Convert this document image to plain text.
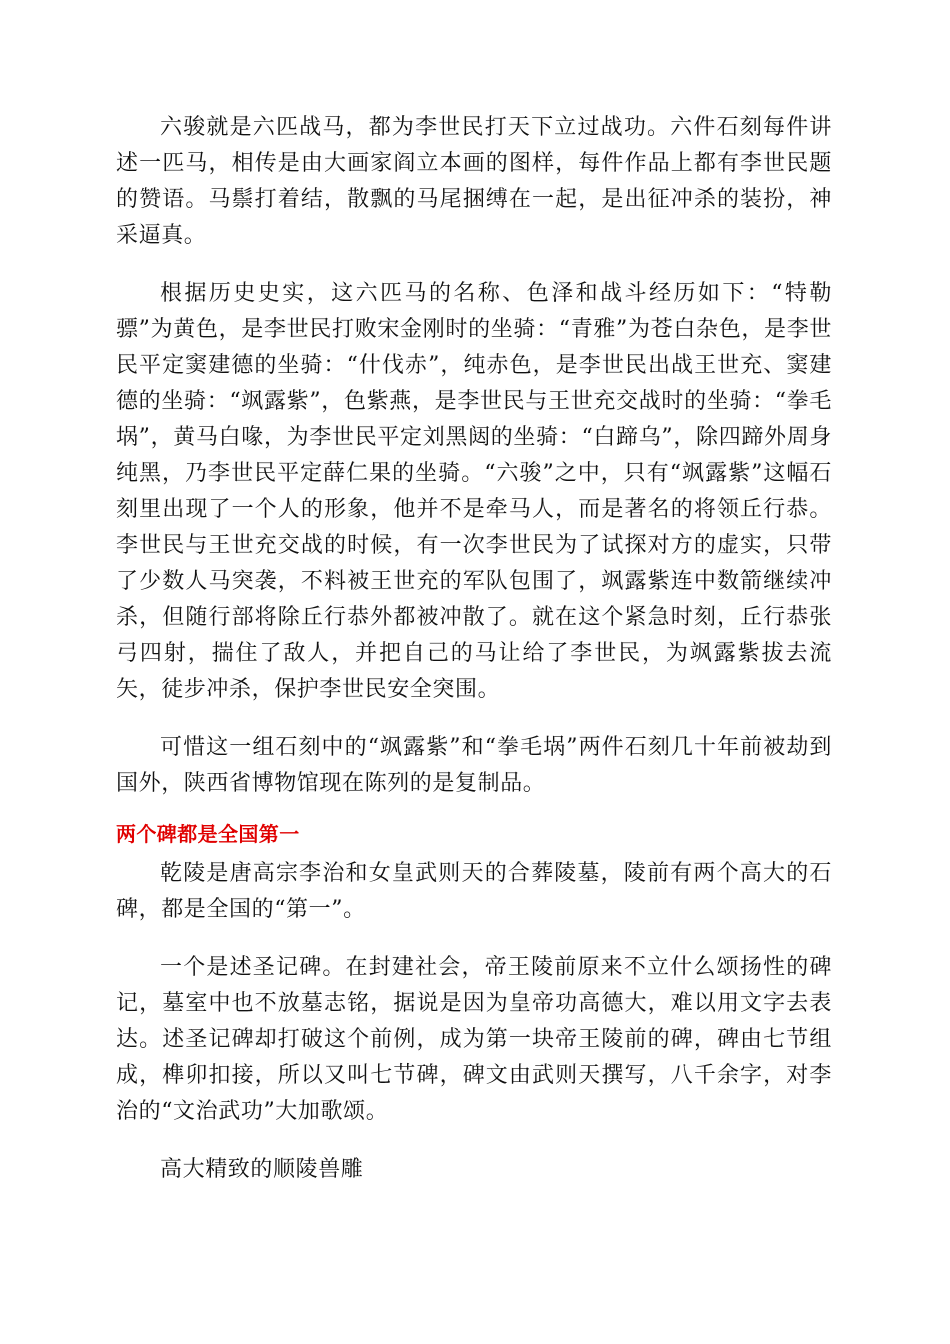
六骏就是六匹战马，都为李世民打天下立过战功。六件石刻每件讲述一匹马，相传是由大画家阎立本画的图样，每件作品上都有李世民题的赞语。马鬃打着结，散飘的马尾捆缚在一起，是出征冲杀的装扮，神采逼真。

根据历史史实，这六匹马的名称、色泽和战斗经历如下：“特勒骠”为黄色，是李世民打败宋金刚时的坐骑：“青雅”为苍白杂色，是李世民平定窦建德的坐骑：“什伐赤”，纯赤色，是李世民出战王世充、窦建德的坐骑：“飒露紫”，色紫燕，是李世民与王世充交战时的坐骑：“拳毛埚”，黄马白喙，为李世民平定刘黑闼的坐骑：“白蹄乌”，除四蹄外周身纯黑，乃李世民平定薛仁果的坐骑。“六骏”之中，只有“飒露紫”这幅石刻里出现了一个人的形象，他并不是牵马人，而是著名的将领丘行恭。李世民与王世充交战的时候，有一次李世民为了试探对方的虚实，只带了少数人马突袭，不料被王世充的军队包围了，飒露紫连中数箭继续冲杀，但随行部将除丘行恭外都被冲散了。就在这个紧急时刻，丘行恭张弓四射，揣住了敌人，并把自己的马让给了李世民，为飒露紫拔去流矢，徒步冲杀，保护李世民安全突围。

可惜这一组石刻中的“飒露紫”和“拳毛埚”两件石刻几十年前被劫到国外，陕西省博物馆现在陈列的是复制品。

两个碑都是全国第一

乾陵是唐高宗李治和女皇武则天的合葬陵墓，陵前有两个高大的石碑，都是全国的“第一”。

一个是述圣记碑。在封建社会，帝王陵前原来不立什么颂扬性的碑记，墓室中也不放墓志铭，据说是因为皇帝功高德大，难以用文字去表达。述圣记碑却打破这个前例，成为第一块帝王陵前的碑，碑由七节组成，榫卯扣接，所以又叫七节碑，碑文由武则天撰写，八千余字，对李治的“文治武功”大加歌颂。

高大精致的顺陵兽雕
